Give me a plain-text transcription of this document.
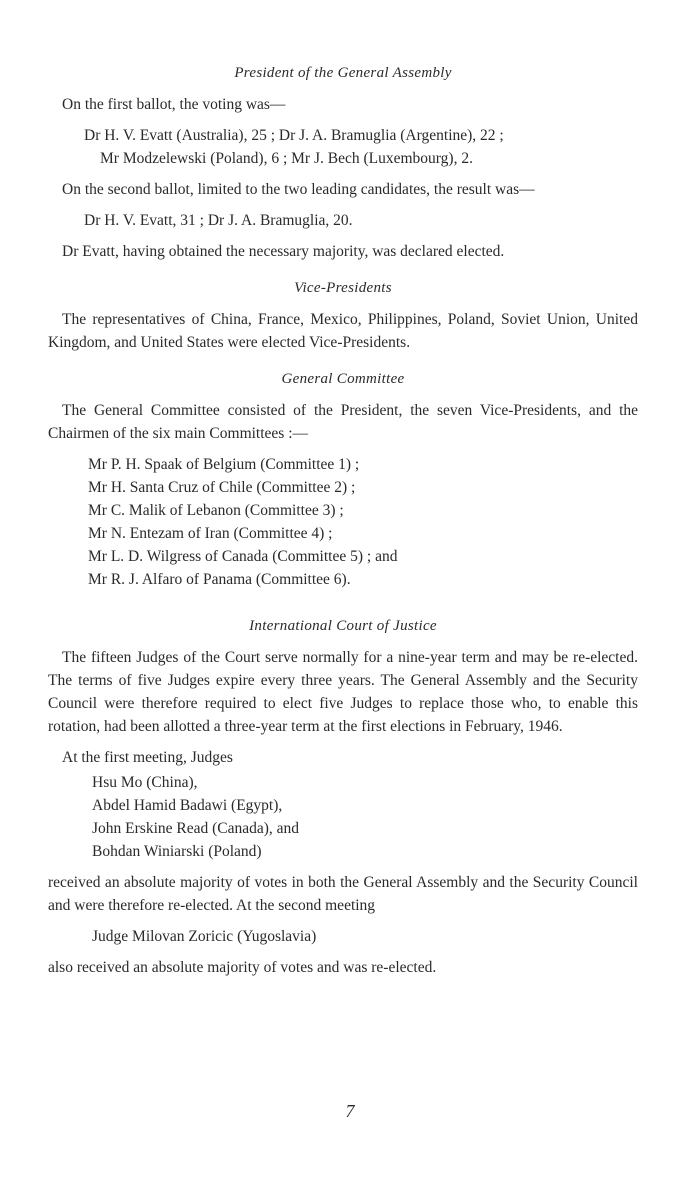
President of the General Assembly
On the first ballot, the voting was—
Dr H. V. Evatt (Australia), 25 ; Dr J. A. Bramuglia (Argentine), 22 ;
Mr Modzelewski (Poland), 6 ; Mr J. Bech (Luxembourg), 2.
On the second ballot, limited to the two leading candidates, the result was—
Dr H. V. Evatt, 31 ; Dr J. A. Bramuglia, 20.
Dr Evatt, having obtained the necessary majority, was declared elected.
Vice-Presidents
The representatives of China, France, Mexico, Philippines, Poland, Soviet Union, United Kingdom, and United States were elected Vice-Presidents.
General Committee
The General Committee consisted of the President, the seven Vice-Presidents, and the Chairmen of the six main Committees :—
Mr P. H. Spaak of Belgium (Committee 1) ;
Mr H. Santa Cruz of Chile (Committee 2) ;
Mr C. Malik of Lebanon (Committee 3) ;
Mr N. Entezam of Iran (Committee 4) ;
Mr L. D. Wilgress of Canada (Committee 5) ; and
Mr R. J. Alfaro of Panama (Committee 6).
International Court of Justice
The fifteen Judges of the Court serve normally for a nine-year term and may be re-elected. The terms of five Judges expire every three years. The General Assembly and the Security Council were therefore required to elect five Judges to replace those who, to enable this rotation, had been allotted a three-year term at the first elections in February, 1946.
At the first meeting, Judges
Hsu Mo (China),
Abdel Hamid Badawi (Egypt),
John Erskine Read (Canada), and
Bohdan Winiarski (Poland)
received an absolute majority of votes in both the General Assembly and the Security Council and were therefore re-elected. At the second meeting
Judge Milovan Zoricic (Yugoslavia)
also received an absolute majority of votes and was re-elected.
7
